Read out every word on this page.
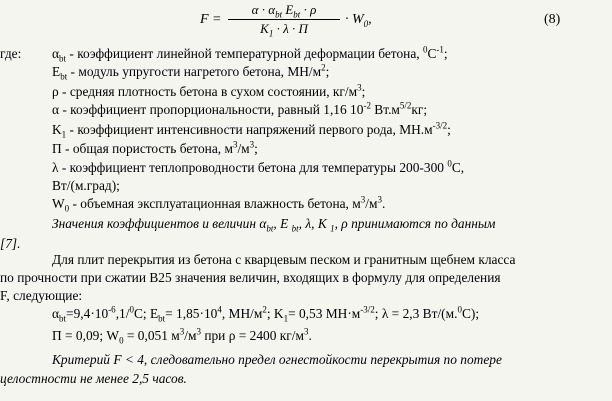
F =
$\alpha \cdot \alpha_{bt}$ $E_{bt} \cdot \rho$
$K_1 \cdot \lambda \cdot \Pi$
· $W_0$,	(8)
где: $\alpha_{bt}$ - коэффициент линейной температурной деформации бетона, $^0C^{-1}$;
$E_{bt}$ - модуль упругости нагретого бетона, $МН/м^2$;
ρ - средняя плотность бетона в сухом состоянии, $кг/м^3$;
α - коэффициент пропорциональности, равный 1,16 $10^{-2}$ $Вт.м^{5/2}кг$;
$K_1$ - коэффициент интенсивности напряжений первого рода, $МН.м^{-3/2}$;
Π - общая пористость бетона, $м^3/м^3$;
λ - коэффициент теплопроводности бетона для температуры 200-300 $^0$С,
Вт/(м.град);
$W_0$ - объемная эксплуатационная влажность бетона, $м^3/м^3$.
Значения коэффициентов и величин $\alpha_{bt}$, E $_{bt}$, λ, K $_1$, ρ принимаются по данным
[7].
Для плит перекрытия из бетона с кварцевым песком и гранитным щебнем класса
по прочности при сжатии В25 значения величин, входящих в формулу для определения
F, следующие:
$\alpha_{bt}=9,4\cdot 10^{-6},1/^0С$; $E_{bt}= 1,85\cdot 10^4$, $МН/м^2$; $K_1= 0,53$ $МН\cdot м^{-3/2}$; λ = 2,3 Вт/(м.$^0$С);
Π = 0,09; $W_0 = 0,051$ $м^3/м^3$ при ρ = 2400 $кг/м^3$.
Критерий F < 4, следовательно предел огнестойкости перекрытия по потере
целостности не менее 2,5 часов.
